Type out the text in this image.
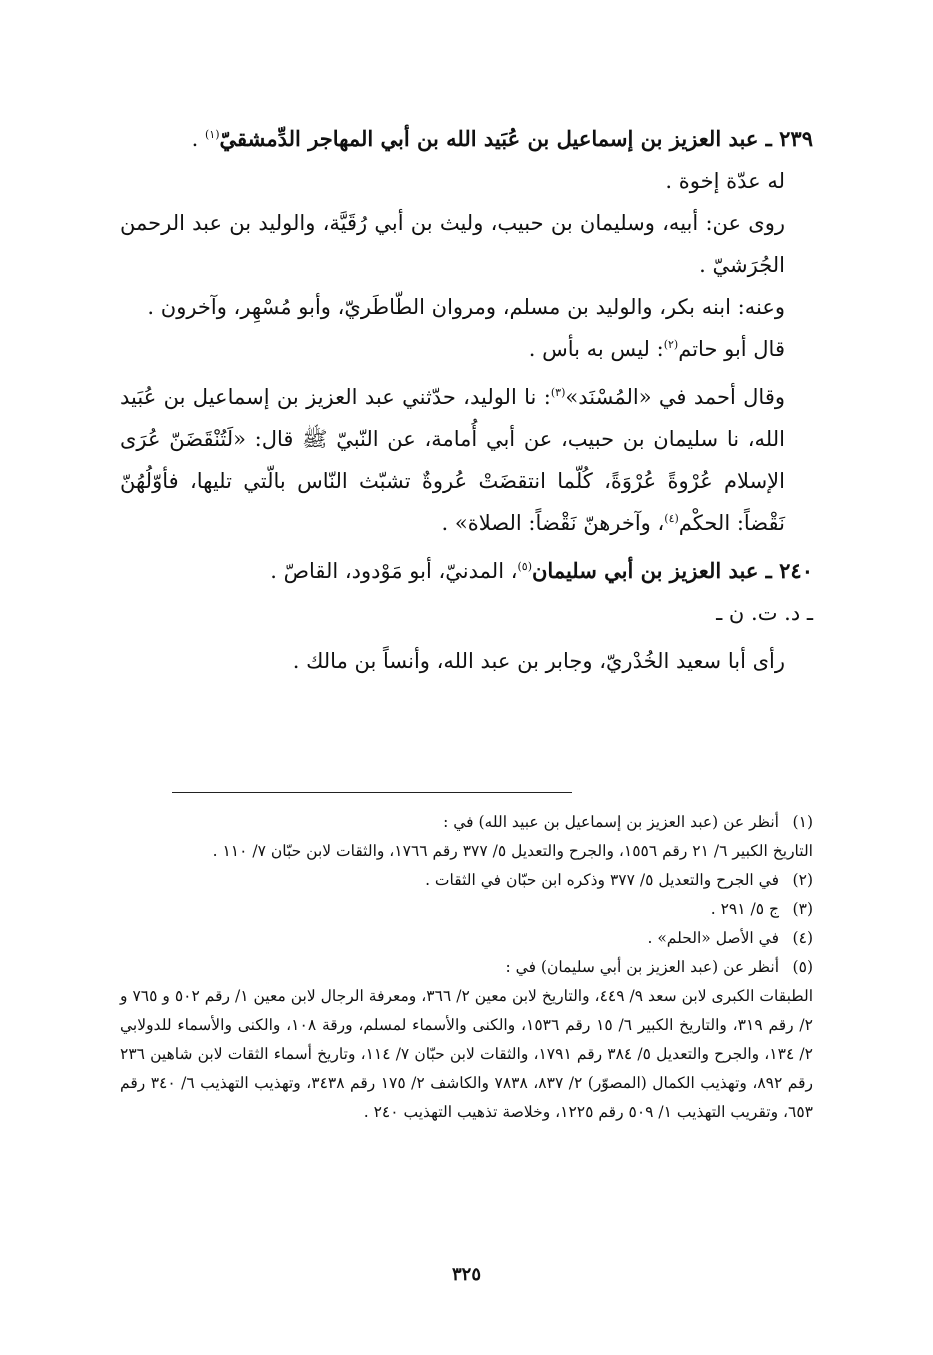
٢٣٩ ـ عبد العزيز بن إسماعيل بن عُبَيد الله بن أبي المهاجر الدِّمشقيّ$^{(١)}$ .

له عدّة إخوة .

روى عن: أبيه، وسليمان بن حبيب، وليث بن أبي رُقَيَّة، والوليد بن عبد الرحمن الجُرَشيّ .

وعنه: ابنه بكر، والوليد بن مسلم، ومروان الطّاطَريّ، وأبو مُسْهِر، وآخرون .

قال أبو حاتم$^{(٢)}$: ليس به بأس .

وقال أحمد في «المُسْنَد»$^{(٣)}$: نا الوليد، حدّثني عبد العزيز بن إسماعيل بن عُبَيد الله، نا سليمان بن حبيب، عن أبي أُمامة، عن النّبيّ ﷺ قال: «لَتُنْقَضَنّ عُرَى الإسلام عُرْوةً عُرْوَةً، كُلّما انتقضَتْ عُروةٌ تشبّث النّاس بالّتي تليها، فأوّلُهُنّ نَقْضاً: الحكْم$^{(٤)}$، وآخرهنّ نَقْضاً: الصلاة» .

٢٤٠ ـ عبد العزيز بن أبي سليمان$^{(٥)}$، المدنيّ، أبو مَوْدود، القاصّ .

ـ د. ت. ن ـ

رأى أبا سعيد الخُدْريّ، وجابر بن عبد الله، وأنساً بن مالك .

(١)أنظر عن (عبد العزيز بن إسماعيل بن عبيد الله) في :

التاريخ الكبير ٦/ ٢١ رقم ١٥٥٦، والجرح والتعديل ٥/ ٣٧٧ رقم ١٧٦٦، والثقات لابن حبّان ٧/ ١١٠ .

(٢)في الجرح والتعديل ٥/ ٣٧٧ وذكره ابن حبّان في الثقات .

(٣)ج ٥/ ٢٩١ .

(٤)في الأصل «الحلم» .

(٥)أنظر عن (عبد العزيز بن أبي سليمان) في :

الطبقات الكبرى لابن سعد ٩/ ٤٤٩، والتاريخ لابن معين ٢/ ٣٦٦، ومعرفة الرجال لابن معين ١/ رقم ٥٠٢ و ٧٦٥ و ٢/ رقم ٣١٩، والتاريخ الكبير ٦/ ١٥ رقم ١٥٣٦، والكنى والأسماء لمسلم، ورقة ١٠٨، والكنى والأسماء للدولابي ٢/ ١٣٤، والجرح والتعديل ٥/ ٣٨٤ رقم ١٧٩١، والثقات لابن حبّان ٧/ ١١٤، وتاريخ أسماء الثقات لابن شاهين ٢٣٦ رقم ٨٩٢، وتهذيب الكمال (المصوّر) ٢/ ٨٣٧، ٧٨٣٨ والكاشف ٢/ ١٧٥ رقم ٣٤٣٨، وتهذيب التهذيب ٦/ ٣٤٠ رقم ٦٥٣، وتقريب التهذيب ١/ ٥٠٩ رقم ١٢٢٥، وخلاصة تذهيب التهذيب ٢٤٠ .

٣٢٥
